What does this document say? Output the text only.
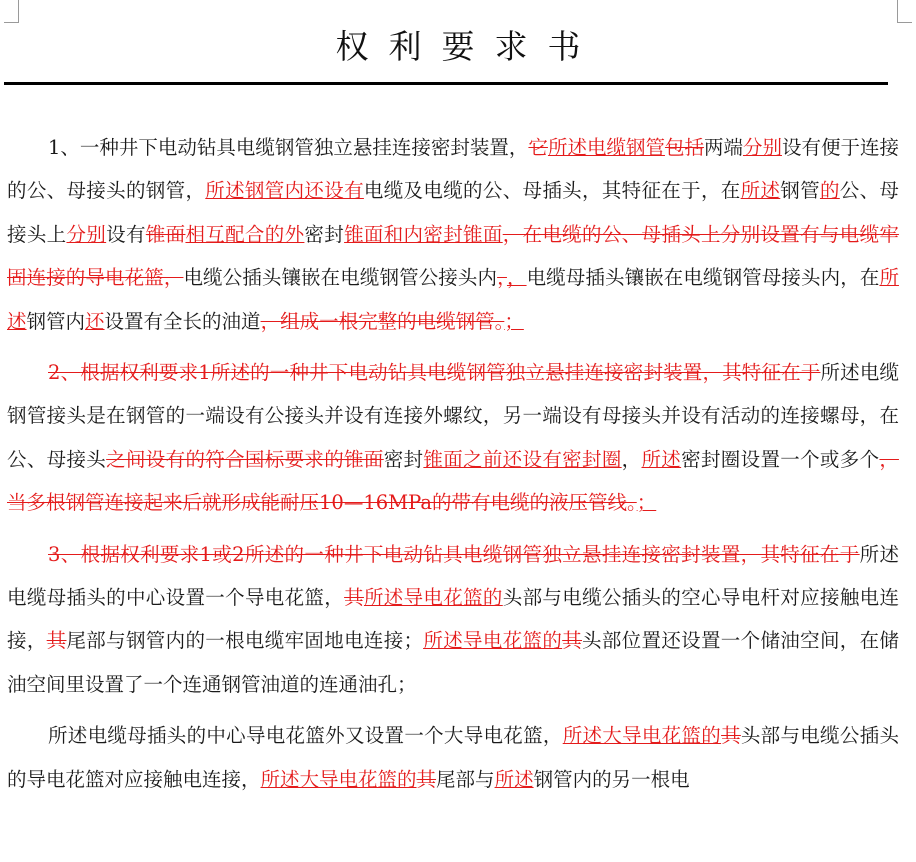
权利要求书

1、一种井下电动钻具电缆钢管独立悬挂连接密封装置，它所述电缆钢管包括两端分别设有便于连接的公、母接头的钢管，所述钢管内还设有电缆及电缆的公、母插头，其特征在于，在所述钢管的公、母接头上分别设有锥面相互配合的外密封锥面和内密封锥面，在电缆的公、母插头上分别设置有与电缆牢固连接的导电花篮，电缆公插头镶嵌在电缆钢管公接头内，，电缆母插头镶嵌在电缆钢管母接头内，在所述钢管内还设置有全长的油道，组成一根完整的电缆钢管。；

2、根据权利要求1所述的一种井下电动钻具电缆钢管独立悬挂连接密封装置，其特征在于所述电缆钢管接头是在钢管的一端设有公接头并设有连接外螺纹，另一端设有母接头并设有活动的连接螺母，在公、母接头之间设有的符合国标要求的锥面密封锥面之前还设有密封圈，所述密封圈设置一个或多个，当多根钢管连接起来后就形成能耐压10—16MPa的带有电缆的液压管线。；

3、根据权利要求1或2所述的一种井下电动钻具电缆钢管独立悬挂连接密封装置，其特征在于所述电缆母插头的中心设置一个导电花篮，其所述导电花篮的头部与电缆公插头的空心导电杆对应接触电连接，其尾部与钢管内的一根电缆牢固地电连接；所述导电花篮的其头部位置还设置一个储油空间，在储油空间里设置了一个连通钢管油道的连通油孔；

所述电缆母插头的中心导电花篮外又设置一个大导电花篮，所述大导电花篮的其头部与电缆公插头的导电花篮对应接触电连接，所述大导电花篮的其尾部与所述钢管内的另一根电
